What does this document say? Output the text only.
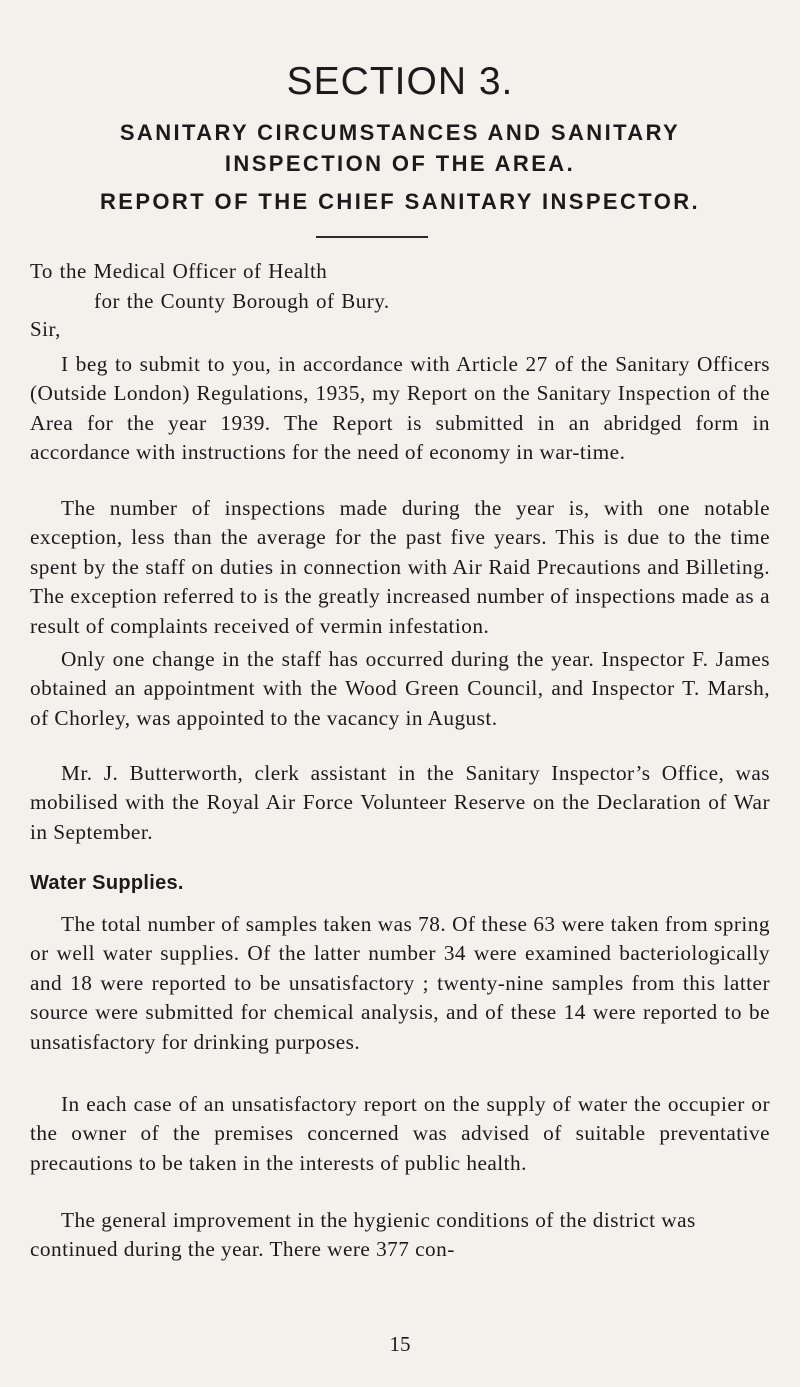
SECTION 3.
SANITARY CIRCUMSTANCES AND SANITARY
INSPECTION OF THE AREA.
REPORT OF THE CHIEF SANITARY INSPECTOR.
To the Medical Officer of Health
for the County Borough of Bury.
Sir,
I beg to submit to you, in accordance with Article 27 of the Sanitary Officers (Outside London) Regulations, 1935, my Report on the Sanitary Inspection of the Area for the year 1939. The Report is submitted in an abridged form in accordance with instructions for the need of economy in war-time.
The number of inspections made during the year is, with one notable exception, less than the average for the past five years. This is due to the time spent by the staff on duties in connection with Air Raid Precautions and Billeting. The exception referred to is the greatly increased number of inspections made as a result of complaints received of vermin infestation.
Only one change in the staff has occurred during the year. Inspector F. James obtained an appointment with the Wood Green Council, and Inspector T. Marsh, of Chorley, was appointed to the vacancy in August.
Mr. J. Butterworth, clerk assistant in the Sanitary Inspector’s Office, was mobilised with the Royal Air Force Volunteer Reserve on the Declaration of War in September.
Water Supplies.
The total number of samples taken was 78. Of these 63 were taken from spring or well water supplies. Of the latter number 34 were examined bacteriologically and 18 were reported to be unsatisfactory ; twenty-nine samples from this latter source were submitted for chemical analysis, and of these 14 were reported to be unsatisfactory for drinking purposes.
In each case of an unsatisfactory report on the supply of water the occupier or the owner of the premises concerned was advised of suitable preventative precautions to be taken in the interests of public health.
The general improvement in the hygienic conditions of the district was continued during the year. There were 377 con-
15
